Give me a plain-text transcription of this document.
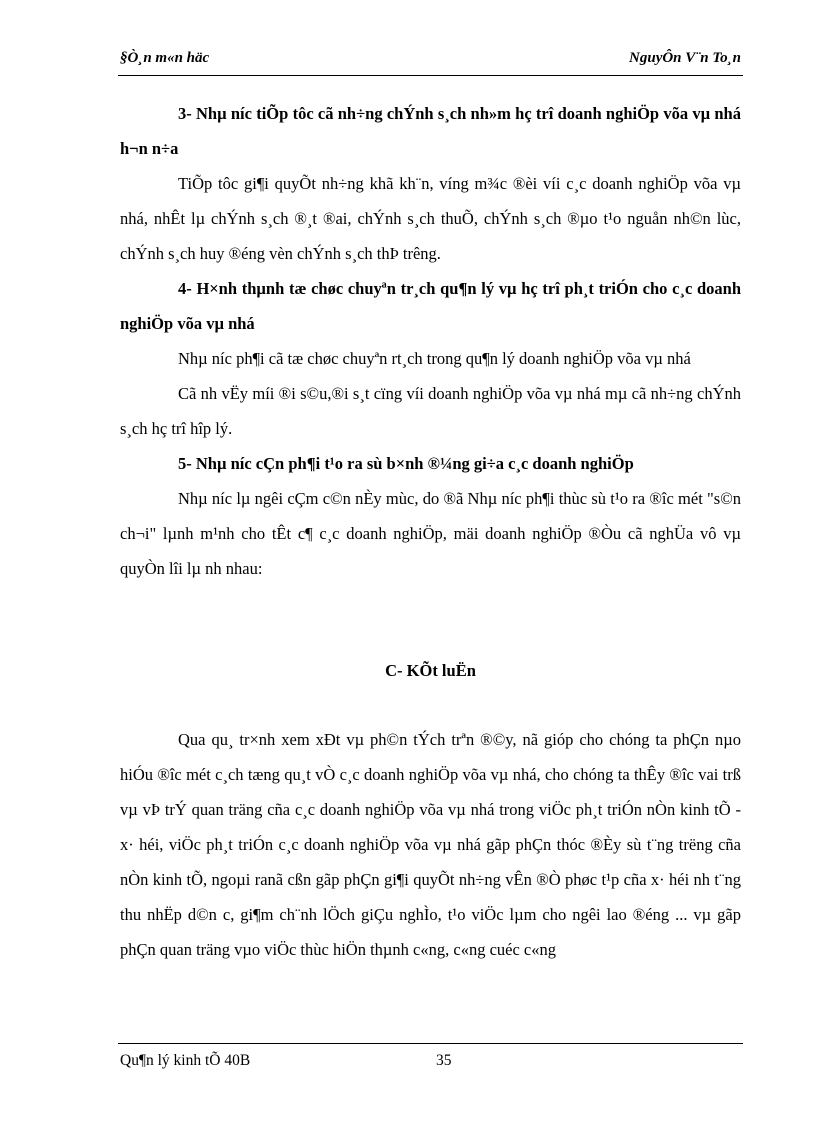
§Ò¸n m«n häc	NguyÔn V¨n To¸n

3- Nhµ níc tiÕp tôc cã nh÷ng chÝnh s¸ch nh»m hç trî doanh nghiÖp võa vµ nhá h¬n n÷a

TiÕp tôc gi¶i quyÕt nh÷ng khã kh¨n, víng m¾c ®èi víi c¸c doanh nghiÖp võa vµ nhá, nhÊt lµ chÝnh s¸ch ®¸t ®ai, chÝnh s¸ch thuÕ, chÝnh s¸ch ®µo t¹o nguån nh©n lùc, chÝnh s¸ch huy ®éng vèn chÝnh s¸ch thÞ trêng.

4- H×nh thµnh tæ chøc chuyªn tr¸ch qu¶n lý vµ hç trî ph¸t triÓn cho c¸c doanh nghiÖp võa vµ nhá

Nhµ níc ph¶i cã tæ chøc chuyªn rt¸ch trong qu¶n lý doanh nghiÖp võa vµ nhá

Cã nh vËy míi ®i s©u,®i s¸t cïng víi doanh nghiÖp võa vµ nhá mµ cã nh÷ng chÝnh s¸ch hç trî hîp lý.

5- Nhµ níc cÇn ph¶i t¹o ra sù b×nh ®¼ng gi÷a c¸c doanh nghiÖp

Nhµ níc lµ ngêi cÇm c©n nÈy mùc, do ®ã Nhµ níc ph¶i thùc sù t¹o ra ®îc mét "s©n ch¬i" lµnh m¹nh cho tÊt c¶ c¸c doanh nghiÖp, mäi doanh nghiÖp ®Òu cã nghÜa vô vµ quyÒn lîi lµ nh nhau:

C- KÕt luËn

Qua qu¸ tr×nh xem xÐt vµ ph©n tÝch trªn ®©y, nã gióp cho chóng ta phÇn nµo hiÓu ®îc mét c¸ch tæng qu¸t vÒ c¸c doanh nghiÖp võa vµ nhá, cho chóng ta thÊy ®îc vai trß vµ vÞ trÝ quan träng cña c¸c doanh nghiÖp võa vµ nhá trong viÖc ph¸t triÓn nÒn kinh tÕ - x· héi, viÖc ph¸t triÓn c¸c doanh nghiÖp võa vµ nhá gãp phÇn thóc ®Èy sù t¨ng trëng cña nÒn kinh tÕ, ngoµi ranã cßn gãp phÇn gi¶i quyÕt nh÷ng vÊn ®Ò phøc t¹p cña x· héi nh t¨ng thu nhËp d©n c, gi¶m ch¨nh lÖch giÇu nghÌo, t¹o viÖc lµm cho ngêi lao ®éng ... vµ gãp phÇn quan träng vµo viÖc thùc hiÖn thµnh c«ng, c«ng cuéc c«ng

Qu¶n lý kinh tÕ 40B	35
